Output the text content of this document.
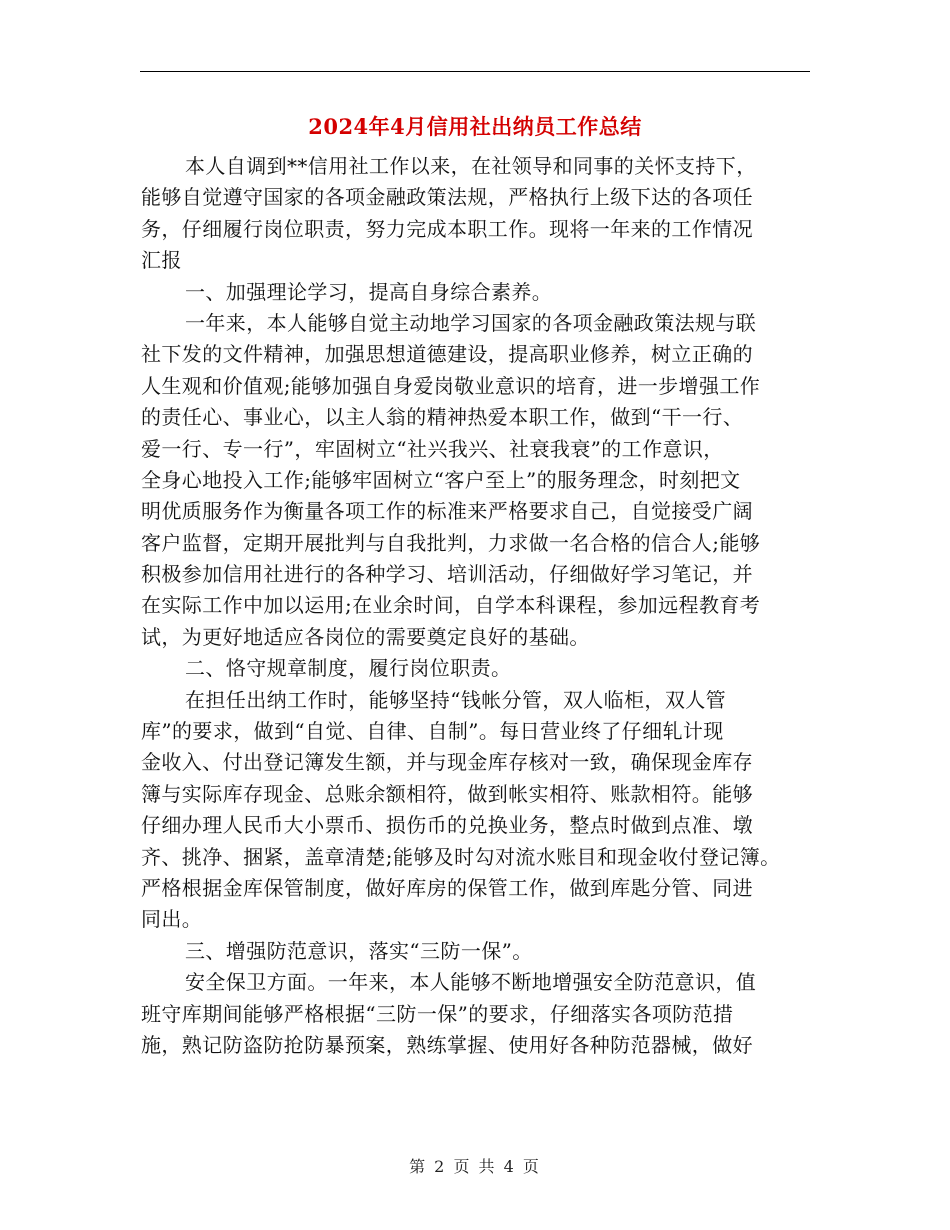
2024年4月信用社出纳员工作总结
本人自调到**信用社工作以来，在社领导和同事的关怀支持下，
能够自觉遵守国家的各项金融政策法规，严格执行上级下达的各项任
务，仔细履行岗位职责，努力完成本职工作。现将一年来的工作情况
汇报
一、加强理论学习，提高自身综合素养。
一年来，本人能够自觉主动地学习国家的各项金融政策法规与联
社下发的文件精神，加强思想道德建设，提高职业修养，树立正确的
人生观和价值观;能够加强自身爱岗敬业意识的培育，进一步增强工作
的责任心、事业心，以主人翁的精神热爱本职工作，做到“干一行、
爱一行、专一行”，牢固树立“社兴我兴、社衰我衰”的工作意识，
全身心地投入工作;能够牢固树立“客户至上”的服务理念，时刻把文
明优质服务作为衡量各项工作的标准来严格要求自己，自觉接受广阔
客户监督，定期开展批判与自我批判，力求做一名合格的信合人;能够
积极参加信用社进行的各种学习、培训活动，仔细做好学习笔记，并
在实际工作中加以运用;在业余时间，自学本科课程，参加远程教育考
试，为更好地适应各岗位的需要奠定良好的基础。
二、恪守规章制度，履行岗位职责。
在担任出纳工作时，能够坚持“钱帐分管，双人临柜，双人管
库”的要求，做到“自觉、自律、自制”。每日营业终了仔细轧计现
金收入、付出登记簿发生额，并与现金库存核对一致，确保现金库存
簿与实际库存现金、总账余额相符，做到帐实相符、账款相符。能够
仔细办理人民币大小票币、损伤币的兑换业务，整点时做到点准、墩
齐、挑净、捆紧，盖章清楚;能够及时勾对流水账目和现金收付登记簿。
严格根据金库保管制度，做好库房的保管工作，做到库匙分管、同进
同出。
三、增强防范意识，落实“三防一保”。
安全保卫方面。一年来，本人能够不断地增强安全防范意识，值
班守库期间能够严格根据“三防一保”的要求，仔细落实各项防范措
施，熟记防盗防抢防暴预案，熟练掌握、使用好各种防范器械，做好
第 2 页 共 4 页
